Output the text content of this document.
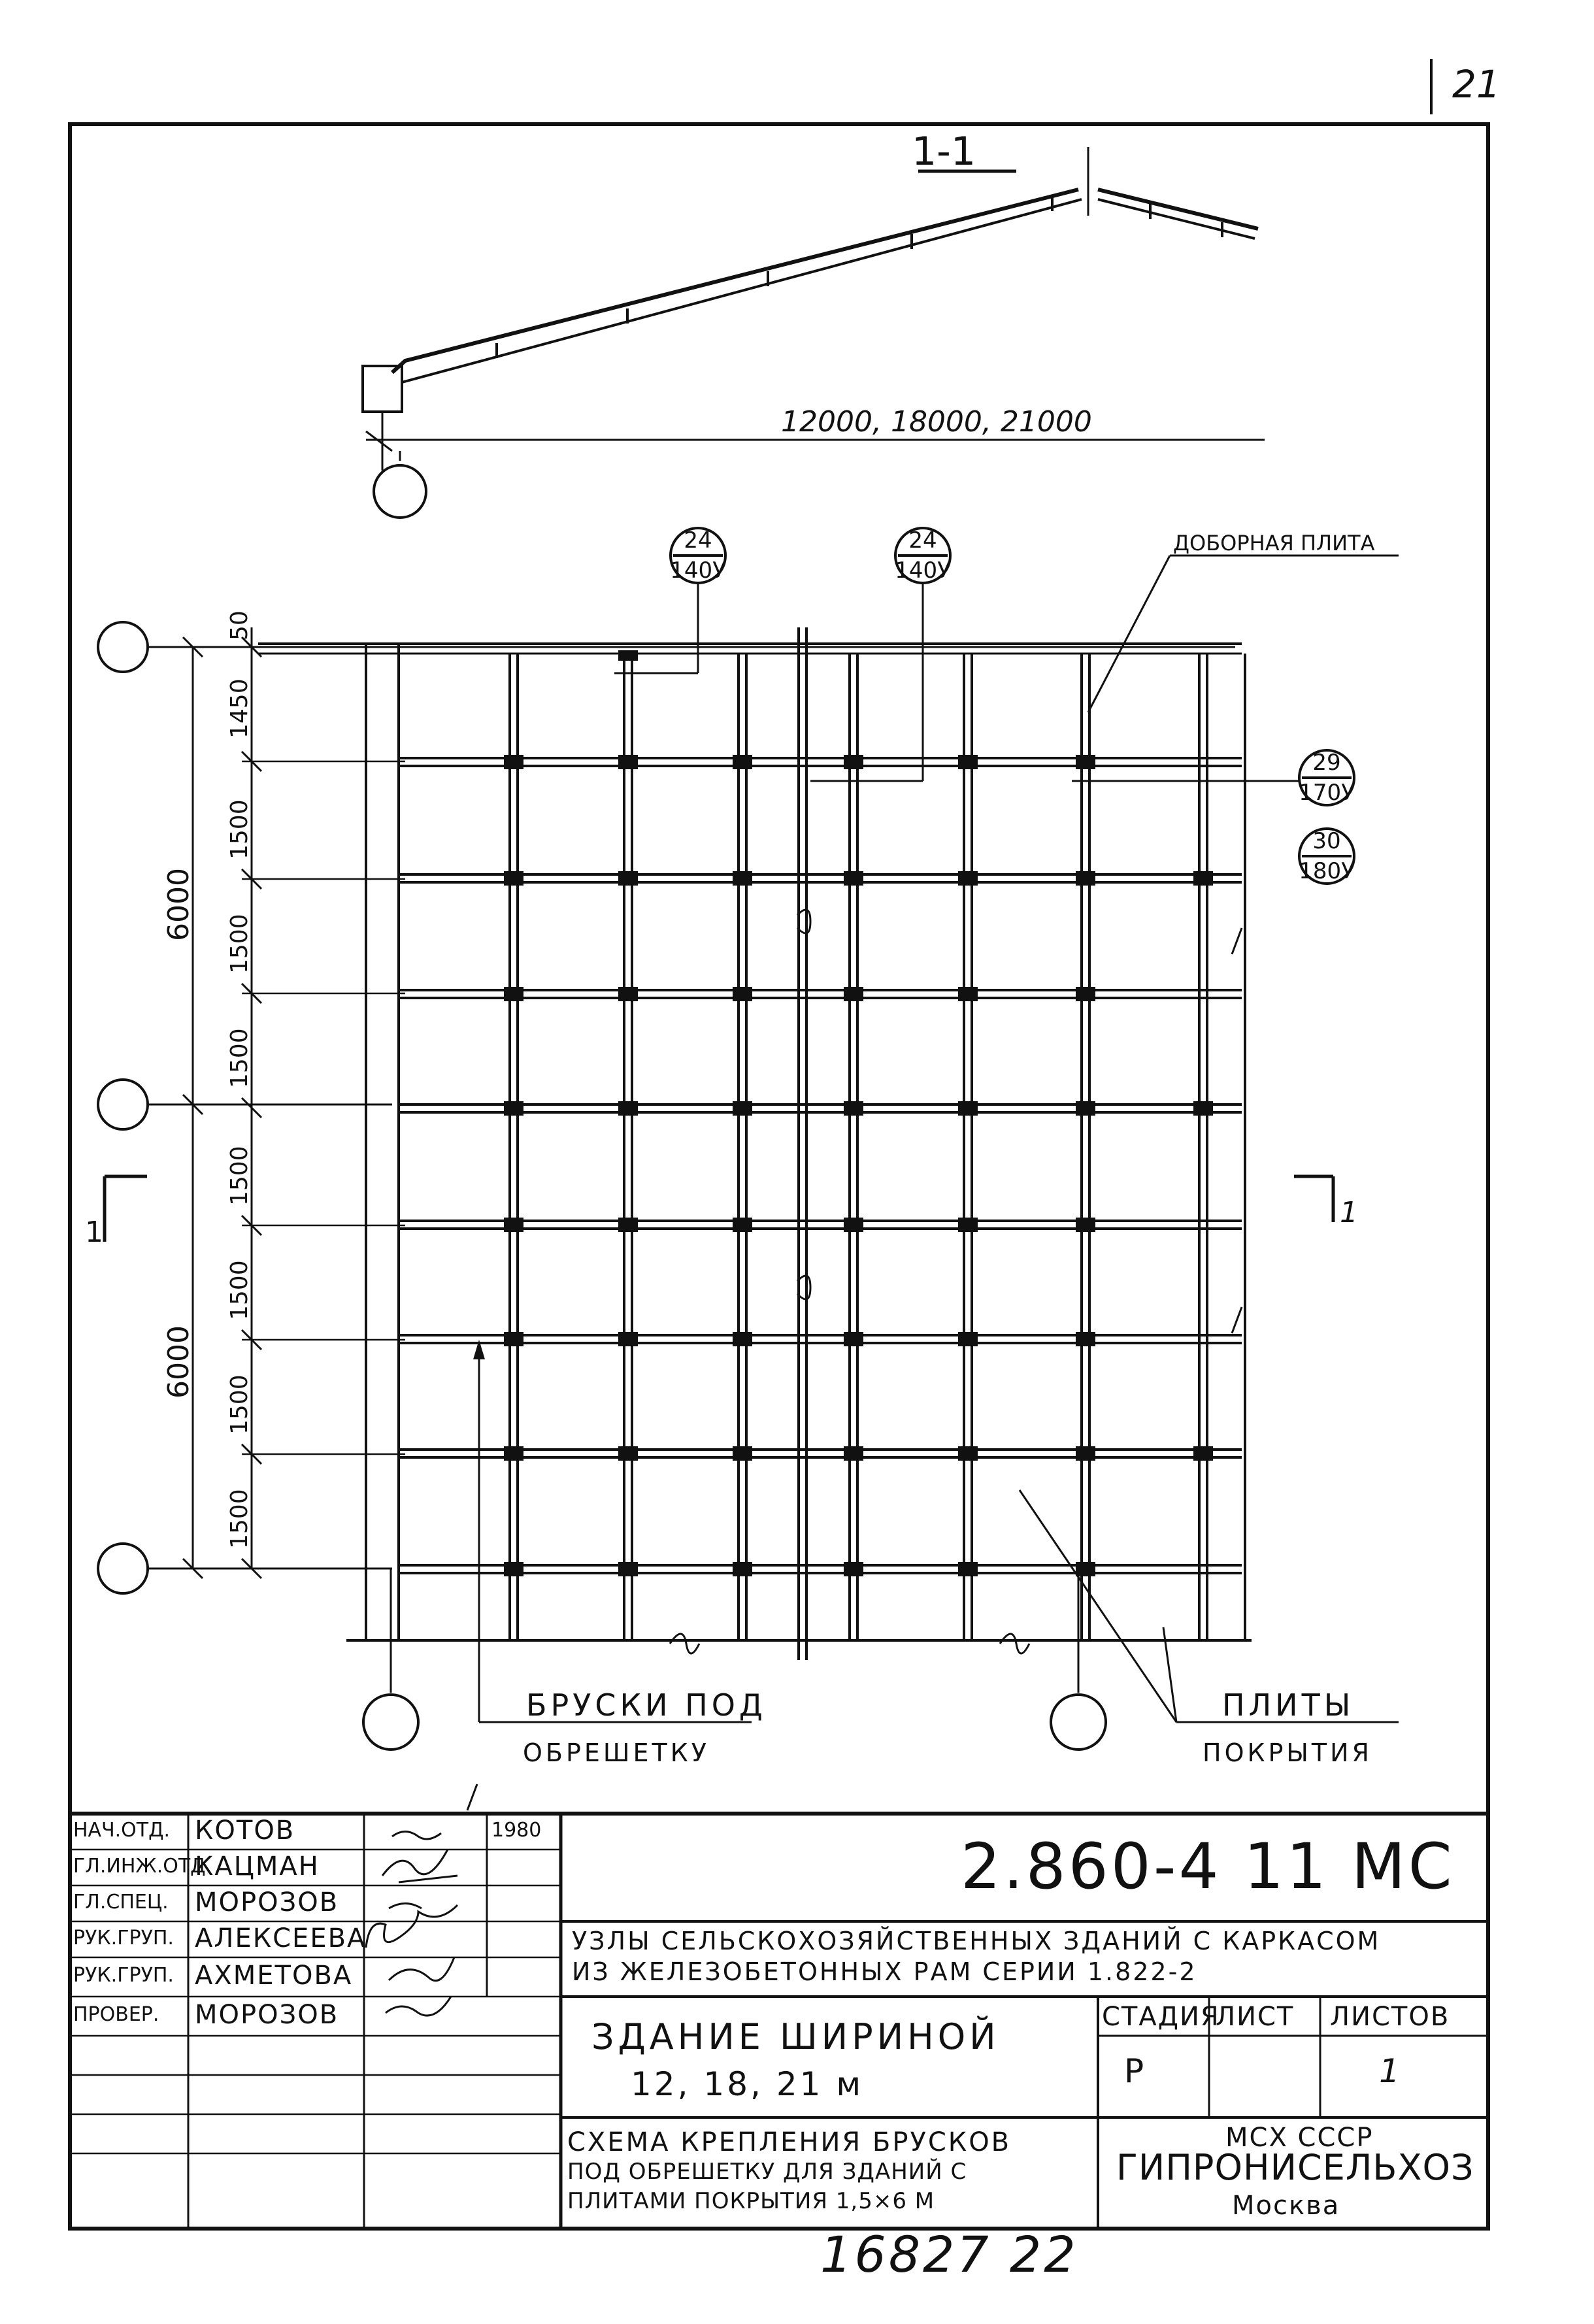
21
24
140У
24
140У
29
170У
30
180У
1-1
12000, 18000, 21000
ДОБОРНАЯ ПЛИТА
50
1450
1500
1500
1500
1500
1500
1500
1500
6000
6000
1
1
БРУСКИ ПОД
ОБРЕШЕТКУ
ПЛИТЫ
ПОКРЫТИЯ
НАЧ.ОТД. КОТОВ	1980
ГЛ.ИНЖ.ОТД.
КАЦМАН
ГЛ.СПЕЦ. МОРОЗОВ
РУК.ГРУП. АЛЕКСЕЕВА
РУК.ГРУП. АХМЕТОВА
ПРОВЕР. МОРОЗОВ
2.860-4 11 МС
УЗЛЫ СЕЛЬСКОХОЗЯЙСТВЕННЫХ ЗДАНИЙ С КАРКАСОМ
ИЗ ЖЕЛЕЗОБЕТОННЫХ РАМ СЕРИИ 1.822-2
ЗДАНИЕ ШИРИНОЙ
12, 18, 21 м
СТАДИЯ
ЛИСТ ЛИСТОВ
Р	1
СХЕМА КРЕПЛЕНИЯ БРУСКОВ
ПОД ОБРЕШЕТКУ ДЛЯ ЗДАНИЙ С
ПЛИТАМИ ПОКРЫТИЯ 1,5×6 М
МСХ СССР
ГИПРОНИСЕЛЬХОЗ
Москва
16827 22
